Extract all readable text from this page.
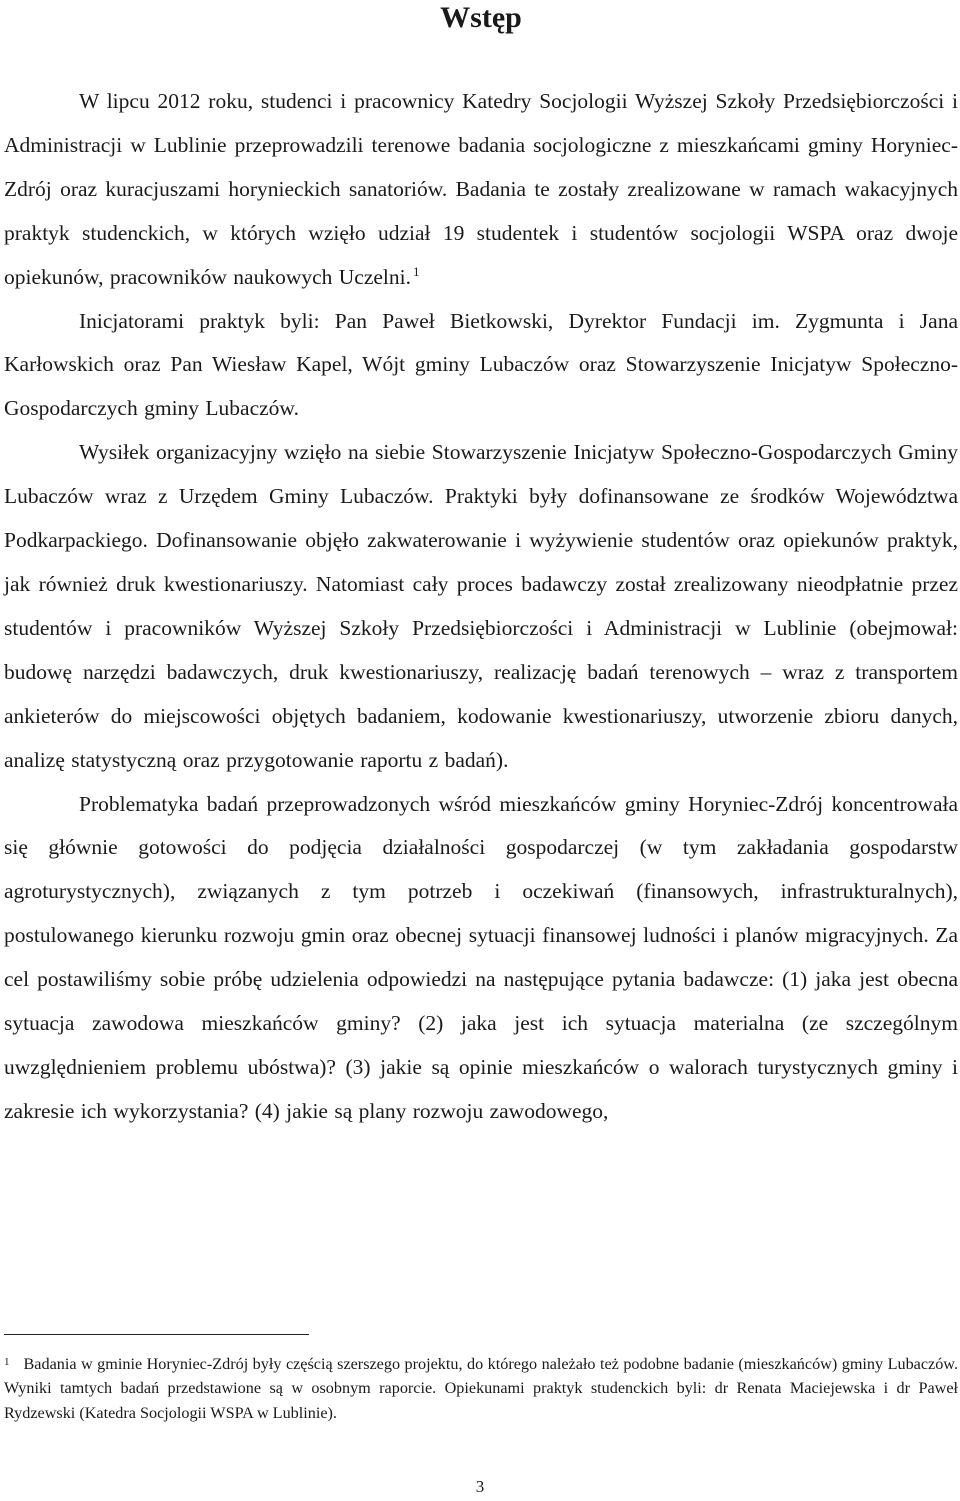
Wstęp

W lipcu 2012 roku, studenci i pracownicy Katedry Socjologii Wyższej Szkoły Przedsiębiorczości i Administracji w Lublinie przeprowadzili terenowe badania socjologiczne z mieszkańcami gminy Horyniec-Zdrój oraz kuracjuszami horynieckich sanatoriów. Badania te zostały zrealizowane w ramach wakacyjnych praktyk studenckich, w których wzięło udział 19 studentek i studentów socjologii WSPA oraz dwoje opiekunów, pracowników naukowych Uczelni. $^1$

Inicjatorami praktyk byli: Pan Paweł Bietkowski, Dyrektor Fundacji im. Zygmunta i Jana Karłowskich oraz Pan Wiesław Kapel, Wójt gminy Lubaczów oraz Stowarzyszenie Inicjatyw Społeczno-Gospodarczych gminy Lubaczów.

Wysiłek organizacyjny wzięło na siebie Stowarzyszenie Inicjatyw Społeczno-Gospodarczych Gminy Lubaczów wraz z Urzędem Gminy Lubaczów. Praktyki były dofinansowane ze środków Województwa Podkarpackiego. Dofinansowanie objęło zakwaterowanie i wyżywienie studentów oraz opiekunów praktyk, jak również druk kwestionariuszy. Natomiast cały proces badawczy został zrealizowany nieodpłatnie przez studentów i pracowników Wyższej Szkoły Przedsiębiorczości i Administracji w Lublinie (obejmował: budowę narzędzi badawczych, druk kwestionariuszy, realizację badań terenowych – wraz z transportem ankieterów do miejscowości objętych badaniem, kodowanie kwestionariuszy, utworzenie zbioru danych, analizę statystyczną oraz przygotowanie raportu z badań).

Problematyka badań przeprowadzonych wśród mieszkańców gminy Horyniec-Zdrój koncentrowała się głównie gotowości do podjęcia działalności gospodarczej (w tym zakładania gospodarstw agroturystycznych), związanych z tym potrzeb i oczekiwań (finansowych, infrastrukturalnych), postulowanego kierunku rozwoju gmin oraz obecnej sytuacji finansowej ludności i planów migracyjnych. Za cel postawiliśmy sobie próbę udzielenia odpowiedzi na następujące pytania badawcze: (1) jaka jest obecna sytuacja zawodowa mieszkańców gminy? (2) jaka jest ich sytuacja materialna (ze szczególnym uwzględnieniem problemu ubóstwa)? (3) jakie są opinie mieszkańców o walorach turystycznych gminy i zakresie ich wykorzystania? (4) jakie są plany rozwoju zawodowego,

$^1$ Badania w gminie Horyniec-Zdrój były częścią szerszego projektu, do którego należało też podobne badanie (mieszkańców) gminy Lubaczów. Wyniki tamtych badań przedstawione są w osobnym raporcie. Opiekunami praktyk studenckich byli: dr Renata Maciejewska i dr Paweł Rydzewski (Katedra Socjologii WSPA w Lublinie).

3
